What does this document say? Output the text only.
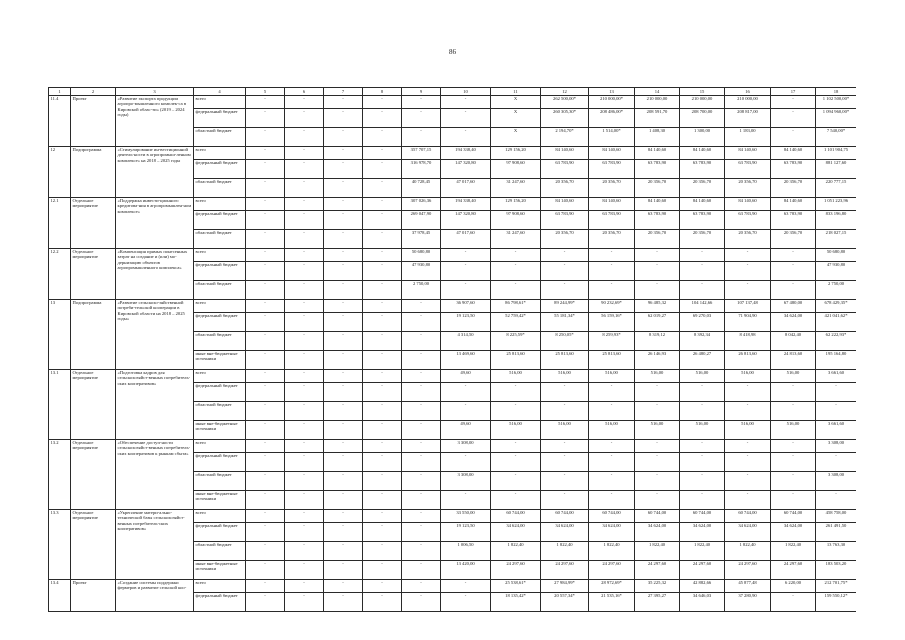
86
1	2	3	4	5	6	7	8	9	10	11	12	13	14	15	16	17	18
11.4	Проект	«Развитие экспорта продукции агропро-мышленного комплек-са в Кировской облас-ти» (2019 – 2024 годы)	всего	-	-	-	-	-	-	X	262 500,00*	210 000,00*	210 000,00	210 000,00	210 000,00	-	1 102 500,00*
			федеральный бюджет	-	-	-	-	-	-	X	260 305,30*	208 486,00*	208 591,70	208 700,00	208 817,00	-	1 094 960,00*
			областной бюджет	-	-	-	-	-	-	X	2 194,70*	1 514,00*	1 408,30	1 300,00	1 183,00	-	7 540,00*
12	Подпрограмма	«Стимулирование ин-вестиционной деятель-ности в агропромыш-ленном комплексе» на 2018 – 2025 годы	всего	-	-	-	-	357 707,15	194 338,40	129 156,20	84 140,60	84 140,60	84 140,60	84 140,60	84 140,60	84 140,60	1 101 904,75
			федеральный бюджет	-	-	-	-	316 978,70	147 320,80	97 908,60	63 783,90	63 783,90	63 783,90	63 783,90	63 783,90	63 783,90	881 127,60
			областной бюджет	-	-	-	-	40 728,45	47 017,60	31 247,60	20 356,70	20 356,70	20 356,70	20 356,70	20 356,70	20 356,70	220 777,15
12.1	Отдельное мероприятие	«Поддержка инвести-ционного кредитова-ния в агропромышлен-ном комплексе»	всего	-	-	-	-	307 026,36	194 338,40	129 156,20	84 140,60	84 140,60	84 140,60	84 140,60	84 140,60	84 140,60	1 051 223,96
			федеральный бюджет	-	-	-	-	269 047,90	147 320,80	97 908,60	63 783,90	63 783,90	63 783,90	63 783,90	63 783,90	63 783,90	833 196,80
			областной бюджет	-	-	-	-	37 978,45	47 017,60	31 247,60	20 356,70	20 356,70	20 356,70	20 356,70	20 356,70	20 356,70	218 027,15
12.2	Отдельное мероприятие	«Компенсация прямых понесенных затрат на создание и (или) мо-дернизацию объектов агропромышленного комплекса»	всего	-	-	-	-	50 680,80	-	-	-	-	-	-	-	-	50 680,80
			федеральный бюджет	-	-	-	-	47 930,80	-	-	-	-	-	-	-	-	47 930,80
			областной бюджет	-	-	-	-	2 750,00	-	-	-	-	-	-	-	-	2 750,00
13	Подпрограмма	«Развитие сельскохо-зяйственной потреби-тельской кооперации в Кировской области на 2018 – 2025 годы»	всего	-	-	-	-	-	36 907,60	86 798,61*	89 244,99*	90 232,69*	96 485,32	104 142,66	107 137,48	67 480,00	678 429,35*
			федеральный бюджет	-	-	-	-	-	19 123,50	52 759,42*	55 181,34*	56 159,16*	62 019,27	69 270,03	71 904,90	34 624,00	421 041,62*
			областной бюджет	-	-	-	-	-	4 314,50	8 225,59*	8 250,05*	8 259,93*	8 319,12	8 392,34	8 418,98	8 042,40	62 222,93*
			иные вне-бюджетные источники	-	-	-	-	-	13 469,60	25 813,60	25 813,60	25 813,60	26 146,93	26 480,27	26 813,60	24 813,60	195 164,80
13.1	Отдельное мероприятие	«Подготовка кадров для сельскохозяйст-венных потребитель-ских кооперативов»	всего	-	-	-	-	-	49,60	516,00	516,00	516,00	516,00	516,00	516,00	516,00	3 661,60
			федеральный бюджет	-	-	-	-	-	-	-	-	-	-	-	-	-	-
			областной бюджет	-	-	-	-	-	-	-	-	-	-	-	-	-	-
			иные вне-бюджетные источники	-	-	-	-	-	49,60	516,00	516,00	516,00	516,00	516,00	516,00	516,00	3 661,60
13.2	Отдельное мероприятие	«Обеспечение доступ-ности сельскохозяйст-венных потребитель-ских кооперативов к рынкам сбыта»	всего	-	-	-	-	-	3 308,00	-	-	-	-	-	-	-	3 308,00
			федеральный бюджет	-	-	-	-	-	-	-	-	-	-	-	-	-	-
			областной бюджет	-	-	-	-	-	3 308,00	-	-	-	-	-	-	-	3 308,00
			иные вне-бюджетные источники	-	-	-	-	-	-	-	-	-	-	-	-	-	-
13.3	Отдельное мероприятие	«Укрепление матери-ально-технической базы сельскохозяйст-венных потребитель-ских кооперативов»	всего	-	-	-	-	-	33 550,00	60 744,00	60 744,00	60 744,00	60 744,00	60 744,00	60 744,00	60 744,00	458 758,00
			федеральный бюджет	-	-	-	-	-	19 123,50	34 624,00	34 624,00	34 624,00	34 624,00	34 624,00	34 624,00	34 624,00	261 491,50
			областной бюджет	-	-	-	-	-	1 006,50	1 822,40	1 822,40	1 822,40	1 822,40	1 822,40	1 822,40	1 822,40	13 763,30
			иные вне-бюджетные источники	-	-	-	-	-	13 420,00	24 297,60	24 297,60	24 297,60	24 297,60	24 297,60	24 297,60	24 297,60	183 503,20
13.4	Проект	«Создание системы поддержки фермеров и развитие сельской коо-	всего	-	-	-	-	-	-	25 538,61*	27 984,99*	28 972,69*	35 225,32	42 882,66	45 877,48	6 220,00	212 701,75*
			федеральный бюджет	-	-	-	-	-	-	18 135,42*	20 557,34*	21 535,16*	27 395,27	34 646,03	37 280,90	-	159 550,12*
